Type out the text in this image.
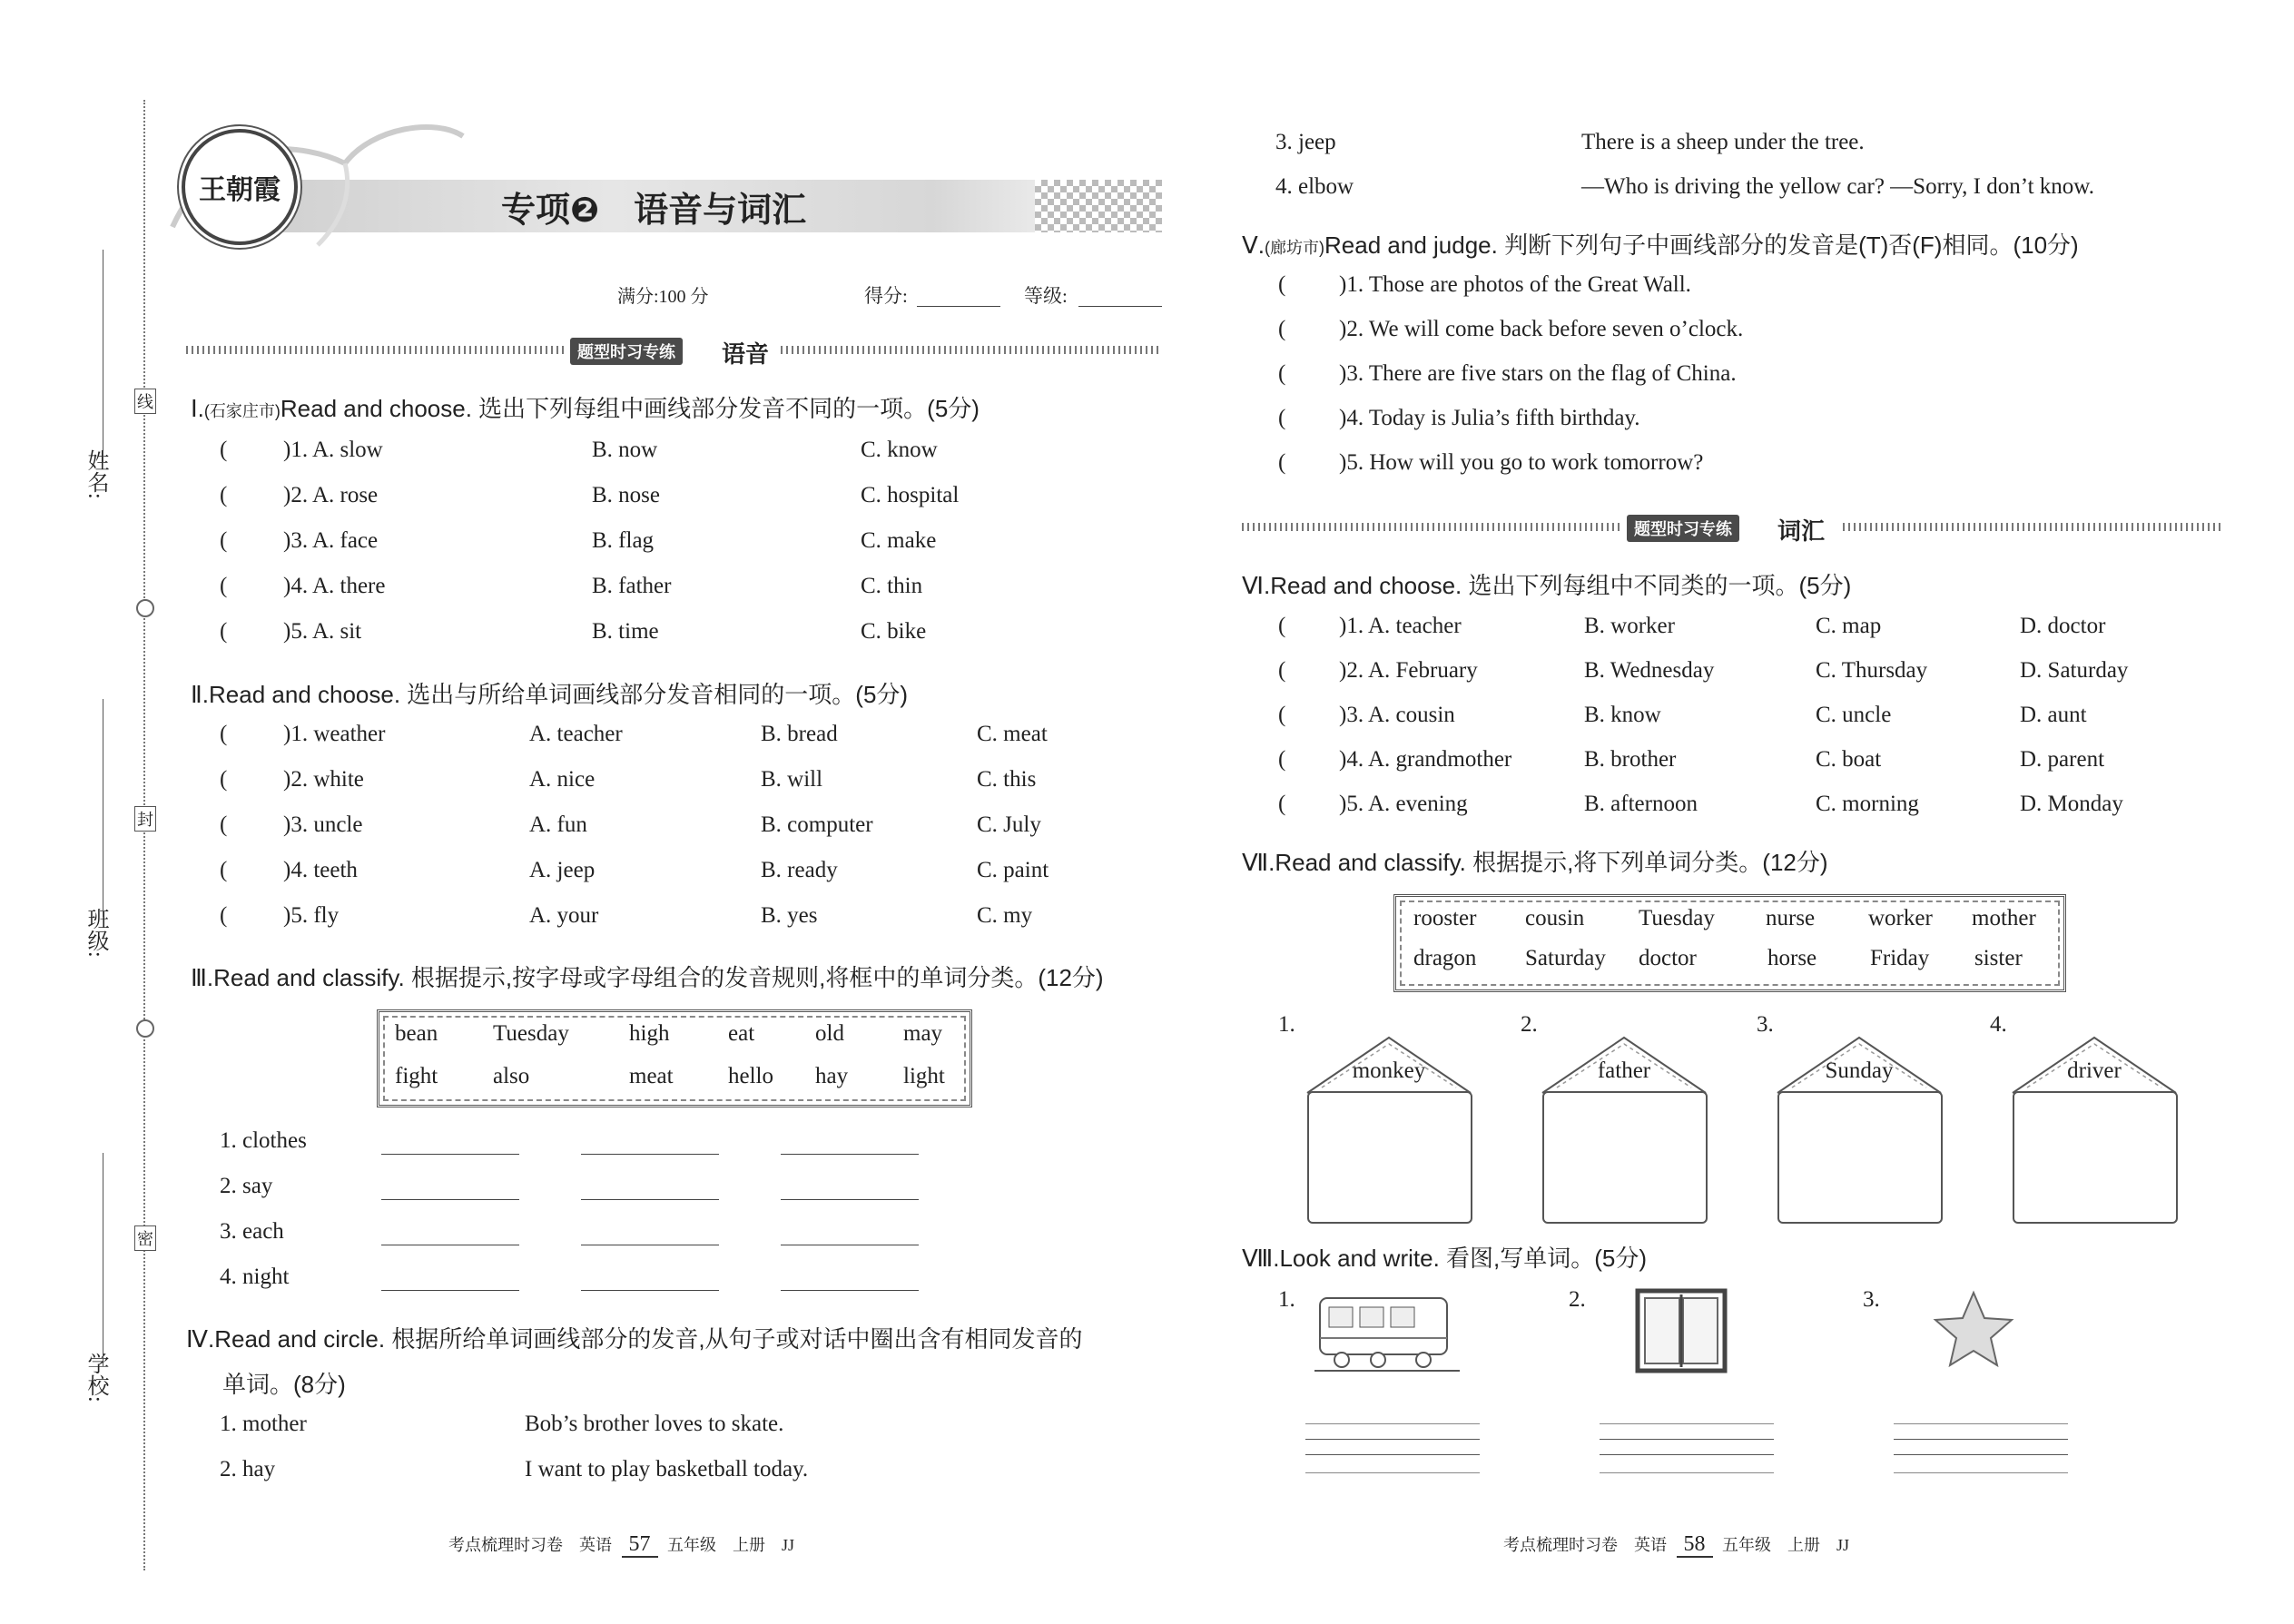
姓名:
班级:
学校:
线
封
密
王朝霞
专项❷　语音与词汇
满分:100 分	得分:	等级:
题型时习专练	语音
Ⅰ.(石家庄市)Read and choose. 选出下列每组中画线部分发音不同的一项。(5分)
( )1. A. slow	B. now	C. know
( )2. A. rose	B. nose	C. hospital
( )3. A. face	B. flag	C. make
( )4. A. there	B. father	C. thin
( )5. A. sit	B. time	C. bike
Ⅱ.Read and choose. 选出与所给单词画线部分发音相同的一项。(5分)
( )1. weather	A. teacher	B. bread	C. meat
( )2. white	A. nice	B. will	C. this
( )3. uncle	A. fun	B. computer	C. July
( )4. teeth	A. jeep	B. ready	C. paint
( )5. fly	A. your	B. yes	C. my
Ⅲ.Read and classify. 根据提示,按字母或字母组合的发音规则,将框中的单词分类。(12分)
bean Tuesday	high	eat	old	may
fight also	meat hello hay light
1. clothes
2. say
3. each
4. night
Ⅳ.Read and circle. 根据所给单词画线部分的发音,从句子或对话中圈出含有相同发音的
单词。(8分)
1. mother	Bob’s brother loves to skate.
2. hay	I want to play basketball today.
3. jeep	There is a sheep under the tree.
4. elbow	—Who is driving the yellow car? —Sorry, I don’t know.
Ⅴ.(廊坊市)Read and judge. 判断下列句子中画线部分的发音是(T)否(F)相同。(10分)
( )1. Those are photos of the Great Wall.
( )2. We will come back before seven o’clock.
( )3. There are five stars on the flag of China.
( )4. Today is Julia’s fifth birthday.
( )5. How will you go to work tomorrow?
题型时习专练	词汇
Ⅵ.Read and choose. 选出下列每组中不同类的一项。(5分)
( )1. A. teacher	B. worker	C. map	D. doctor
( )2. A. February	B. Wednesday	C. Thursday	D. Saturday
( )3. A. cousin	B. know	C. uncle	D. aunt
( )4. A. grandmother	B. brother	C. boat	D. parent
( )5. A. evening	B. afternoon	C. morning	D. Monday
Ⅶ.Read and classify. 根据提示,将下列单词分类。(12分)
rooster cousin Tuesday nurse worker mother
dragon Saturday doctor	horse Friday sister
1.
monkey
2.
father
3.
Sunday
4.
driver
Ⅷ.Look and write. 看图,写单词。(5分)
1.	2.	3.
考点梳理时习卷　英语 57 五年级　上册　JJ	考点梳理时习卷　英语 58 五年级　上册　JJ
